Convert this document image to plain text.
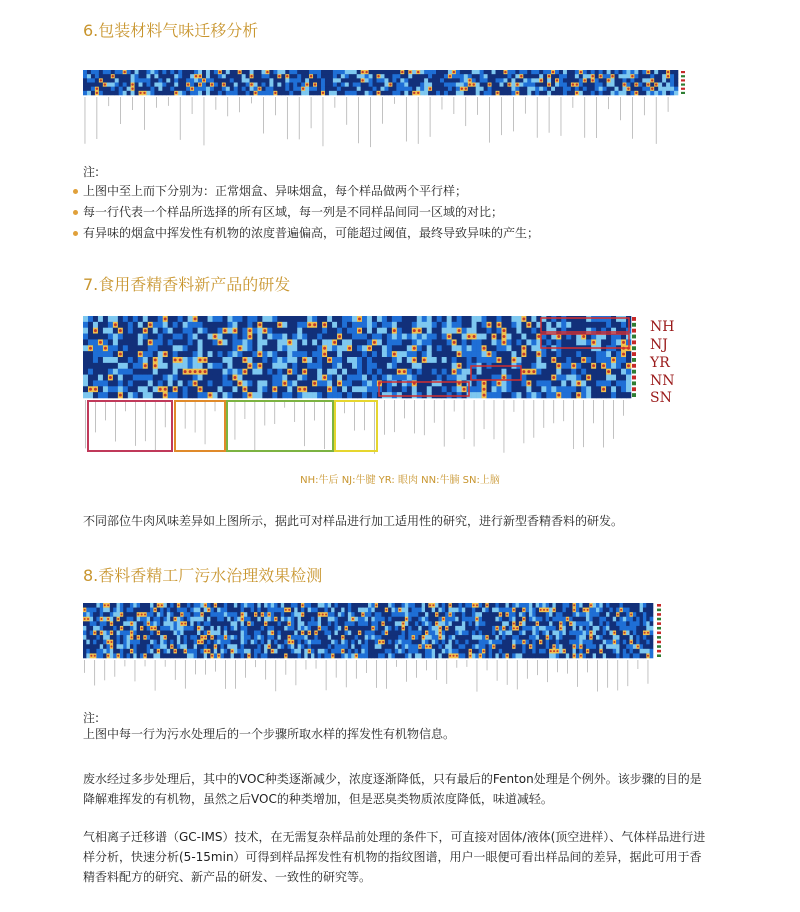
6.包装材料气味迁移分析
注:
上图中至上而下分别为：正常烟盒、异味烟盒，每个样品做两个平行样；
每一行代表一个样品所选择的所有区域，每一列是不同样品间同一区域的对比；
有异味的烟盒中挥发性有机物的浓度普遍偏高，可能超过阈值，最终导致异味的产生；
7.食用香精香料新产品的研发
NH
NJ
YR
NN
SN
NH:牛后 NJ:牛腱 YR: 眼肉 NN:牛腩 SN:上脑

不同部位牛肉风味差异如上图所示，据此可对样品进行加工适用性的研究，进行新型香精香料的研发。

8.香料香精工厂污水治理效果检测
注:

上图中每一行为污水处理后的一个步骤所取水样的挥发性有机物信息。

废水经过多步处理后，其中的VOC种类逐渐减少，浓度逐渐降低，只有最后的Fenton处理是个例外。该步骤的目的是降解难挥发的有机物，虽然之后VOC的种类增加，但是恶臭类物质浓度降低，味道减轻。

气相离子迁移谱（GC-IMS）技术，在无需复杂样品前处理的条件下，可直接对固体/液体(顶空进样）、气体样品进行进样分析，快速分析(5-15min）可得到样品挥发性有机物的指纹图谱，用户一眼便可看出样品间的差异，据此可用于香精香料配方的研究、新产品的研发、一致性的研究等。
